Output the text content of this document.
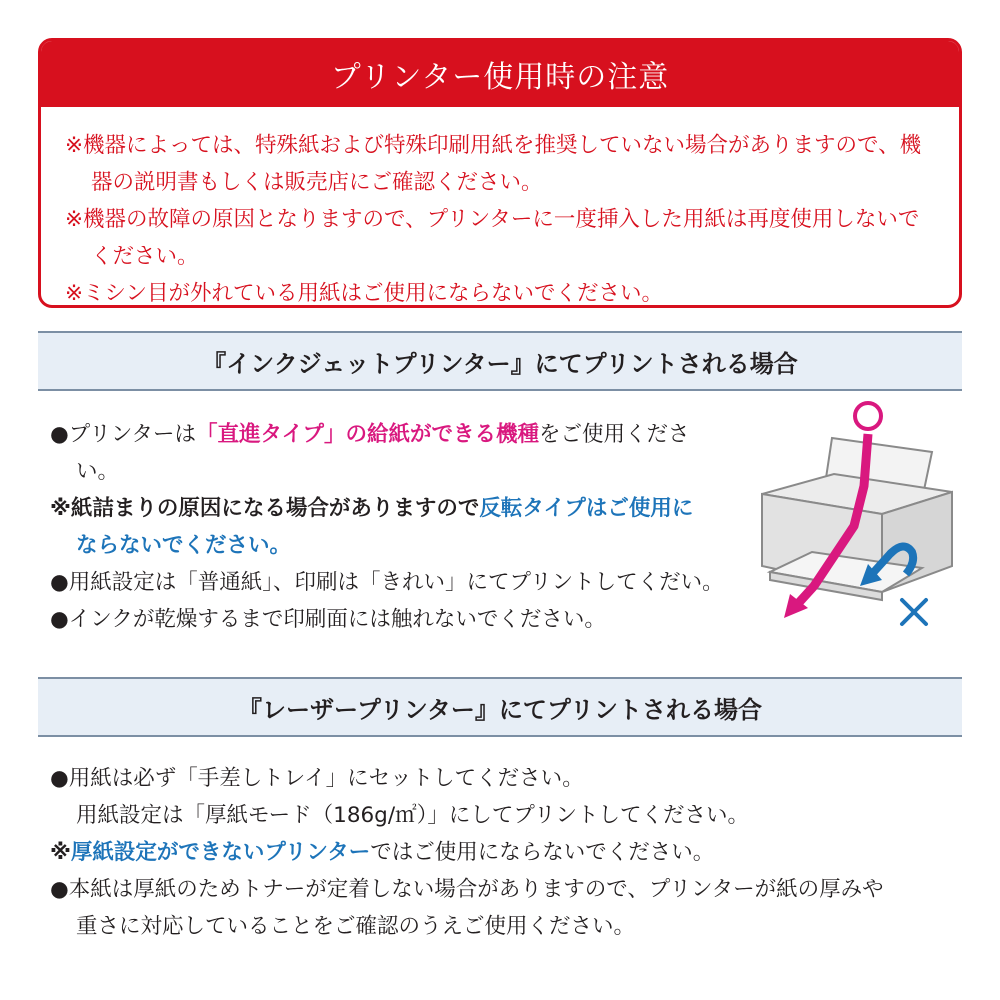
プリンター使用時の注意
※機器によっては、特殊紙および特殊印刷用紙を推奨していない場合がありますので、機器の説明書もしくは販売店にご確認ください。
※機器の故障の原因となりますので、プリンターに一度挿入した用紙は再度使用しないでください。
※ミシン目が外れている用紙はご使用にならないでください。
『インクジェットプリンター』にてプリントされる場合
●プリンターは「直進タイプ」の給紙ができる機種をご使用くださ
い。
※紙詰まりの原因になる場合がありますので反転タイプはご使用に
ならないでください。
●用紙設定は「普通紙」、印刷は「きれい」にてプリントしてくだい。
●インクが乾燥するまで印刷面には触れないでください。
『レーザープリンター』にてプリントされる場合
●用紙は必ず「手差しトレイ」にセットしてください。
用紙設定は「厚紙モード（186g/㎡）」にしてプリントしてください。
※厚紙設定ができないプリンターではご使用にならないでください。
●本紙は厚紙のためトナーが定着しない場合がありますので、プリンターが紙の厚みや
重さに対応していることをご確認のうえご使用ください。
